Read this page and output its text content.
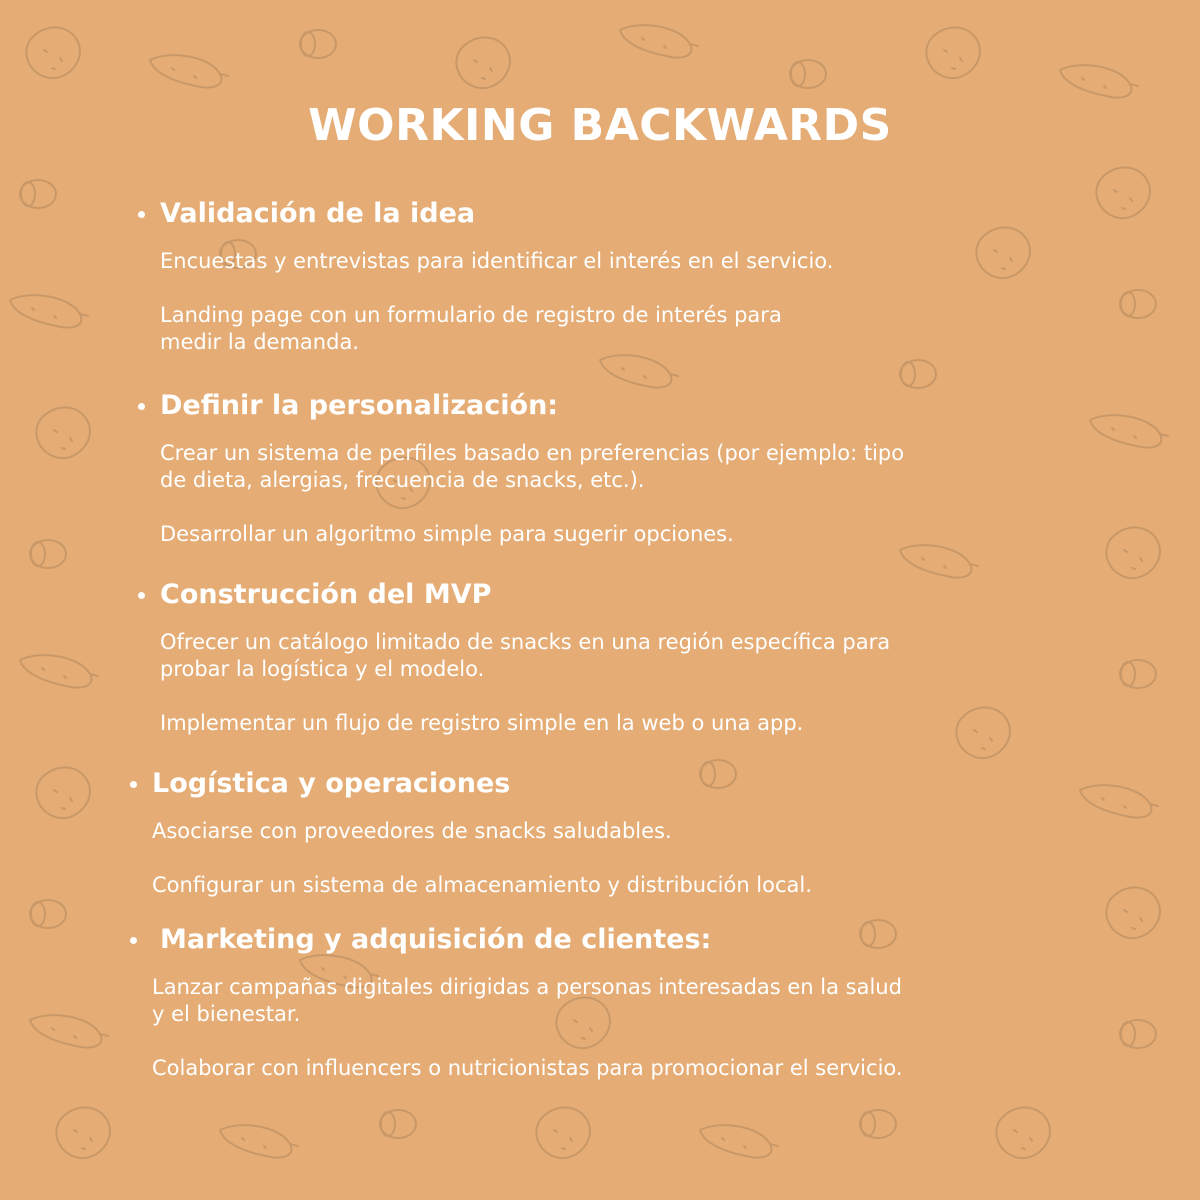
WORKING BACKWARDS
Validación de la idea

Encuestas y entrevistas para identificar el interés en el servicio.

Landing page con un formulario de registro de interés para
medir la demanda.

Definir la personalización:

Crear un sistema de perfiles basado en preferencias (por ejemplo: tipo
de dieta, alergias, frecuencia de snacks, etc.).

Desarrollar un algoritmo simple para sugerir opciones.

Construcción del MVP

Ofrecer un catálogo limitado de snacks en una región específica para
probar la logística y el modelo.

Implementar un flujo de registro simple en la web o una app.

Logística y operaciones

Asociarse con proveedores de snacks saludables.

Configurar un sistema de almacenamiento y distribución local.

Marketing y adquisición de clientes:

Lanzar campañas digitales dirigidas a personas interesadas en la salud
y el bienestar.

Colaborar con influencers o nutricionistas para promocionar el servicio.
